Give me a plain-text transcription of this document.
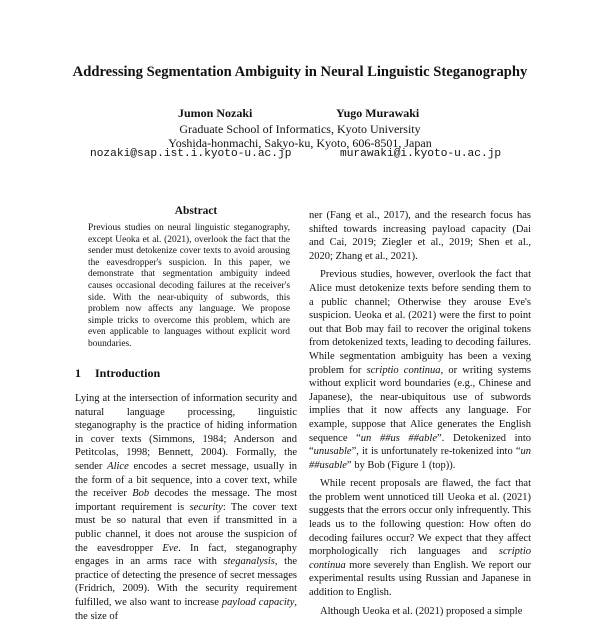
Addressing Segmentation Ambiguity in Neural Linguistic Steganography
Jumon Nozaki	Yugo Murawaki
Graduate School of Informatics, Kyoto University
Yoshida-honmachi, Sakyo-ku, Kyoto, 606-8501, Japan
nozaki@sap.ist.i.kyoto-u.ac.jp	murawaki@i.kyoto-u.ac.jp
Abstract
Previous studies on neural linguistic steganography, except Ueoka et al. (2021), overlook the fact that the sender must detokenize cover texts to avoid arousing the eavesdropper's suspicion. In this paper, we demonstrate that segmentation ambiguity indeed causes occasional decoding failures at the receiver's side. With the near-ubiquity of subwords, this problem now affects any language. We propose simple tricks to overcome this problem, which are even applicable to languages without explicit word boundaries.
1 Introduction

Lying at the intersection of information security and natural language processing, linguistic steganography is the practice of hiding information in cover texts (Simmons, 1984; Anderson and Petitcolas, 1998; Bennett, 2004). Formally, the sender Alice encodes a secret message, usually in the form of a bit sequence, into a cover text, while the receiver Bob decodes the message. The most important requirement is security: The cover text must be so natural that even if transmitted in a public channel, it does not arouse the suspicion of the eavesdropper Eve. In fact, steganography engages in an arms race with steganalysis, the practice of detecting the presence of secret messages (Fridrich, 2009). With the security requirement fulfilled, we also want to increase payload capacity, the size of

ner (Fang et al., 2017), and the research focus has shifted towards increasing payload capacity (Dai and Cai, 2019; Ziegler et al., 2019; Shen et al., 2020; Zhang et al., 2021).

Previous studies, however, overlook the fact that Alice must detokenize texts before sending them to a public channel; Otherwise they arouse Eve's suspicion. Ueoka et al. (2021) were the first to point out that Bob may fail to recover the original tokens from detokenized texts, leading to decoding failures. While segmentation ambiguity has been a vexing problem for scriptio continua, or writing systems without explicit word boundaries (e.g., Chinese and Japanese), the near-ubiquitous use of subwords implies that it now affects any language. For example, suppose that Alice generates the English sequence “un ##us ##able”. Detokenized into “unusable”, it is unfortunately re-tokenized into “un ##usable” by Bob (Figure 1 (top)).

While recent proposals are flawed, the fact that the problem went unnoticed till Ueoka et al. (2021) suggests that the errors occur only infrequently. This leads us to the following question: How often do decoding failures occur? We expect that they affect morphologically rich languages and scriptio continua more severely than English. We report our experimental results using Russian and Japanese in addition to English.

Although Ueoka et al. (2021) proposed a simple
